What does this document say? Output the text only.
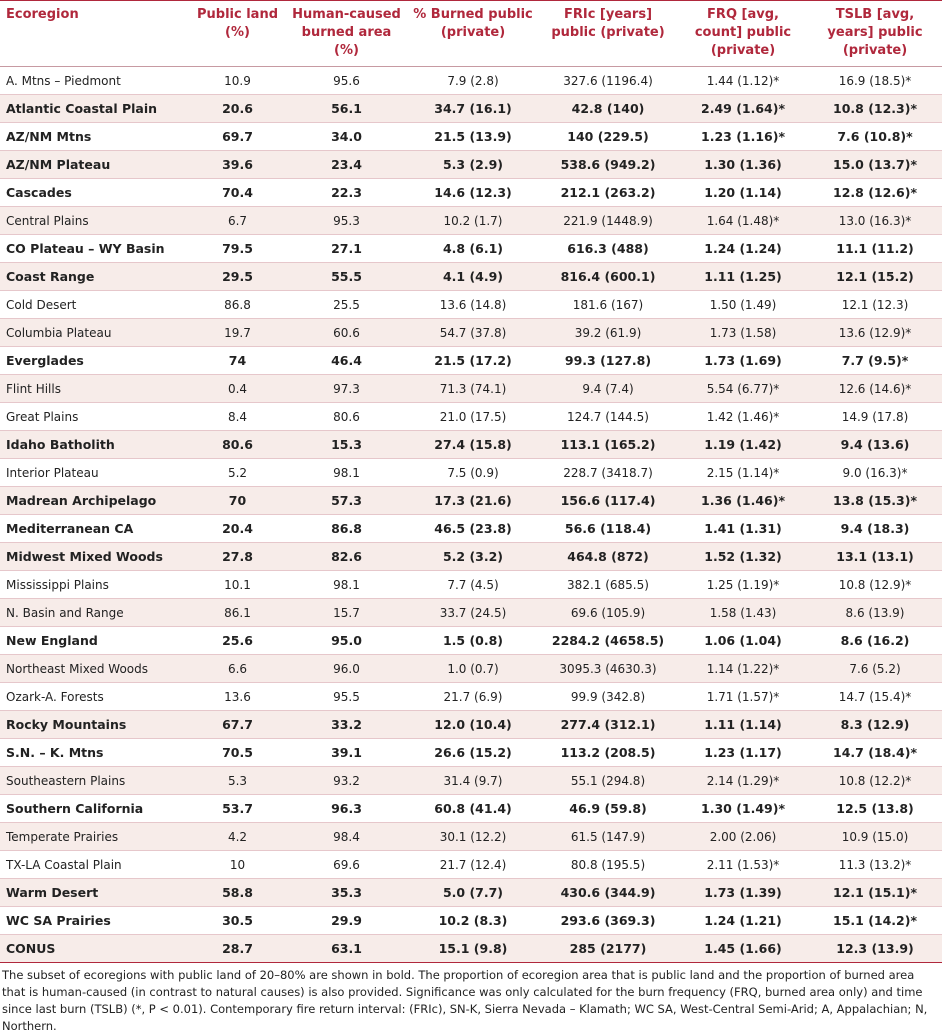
Ecoregion	Public land (%)	Human-caused burned area (%)	% Burned public (private)	FRIc [years] public (private)	FRQ [avg, count] public (private)	TSLB [avg, years] public (private)
A. Mtns – Piedmont	10.9	95.6	7.9 (2.8)	327.6 (1196.4)	1.44 (1.12)*	16.9 (18.5)*
Atlantic Coastal Plain	20.6	56.1	34.7 (16.1)	42.8 (140)	2.49 (1.64)*	10.8 (12.3)*
AZ/NM Mtns	69.7	34.0	21.5 (13.9)	140 (229.5)	1.23 (1.16)*	7.6 (10.8)*
AZ/NM Plateau	39.6	23.4	5.3 (2.9)	538.6 (949.2)	1.30 (1.36)	15.0 (13.7)*
Cascades	70.4	22.3	14.6 (12.3)	212.1 (263.2)	1.20 (1.14)	12.8 (12.6)*
Central Plains	6.7	95.3	10.2 (1.7)	221.9 (1448.9)	1.64 (1.48)*	13.0 (16.3)*
CO Plateau – WY Basin	79.5	27.1	4.8 (6.1)	616.3 (488)	1.24 (1.24)	11.1 (11.2)
Coast Range	29.5	55.5	4.1 (4.9)	816.4 (600.1)	1.11 (1.25)	12.1 (15.2)
Cold Desert	86.8	25.5	13.6 (14.8)	181.6 (167)	1.50 (1.49)	12.1 (12.3)
Columbia Plateau	19.7	60.6	54.7 (37.8)	39.2 (61.9)	1.73 (1.58)	13.6 (12.9)*
Everglades	74	46.4	21.5 (17.2)	99.3 (127.8)	1.73 (1.69)	7.7 (9.5)*
Flint Hills	0.4	97.3	71.3 (74.1)	9.4 (7.4)	5.54 (6.77)*	12.6 (14.6)*
Great Plains	8.4	80.6	21.0 (17.5)	124.7 (144.5)	1.42 (1.46)*	14.9 (17.8)
Idaho Batholith	80.6	15.3	27.4 (15.8)	113.1 (165.2)	1.19 (1.42)	9.4 (13.6)
Interior Plateau	5.2	98.1	7.5 (0.9)	228.7 (3418.7)	2.15 (1.14)*	9.0 (16.3)*
Madrean Archipelago	70	57.3	17.3 (21.6)	156.6 (117.4)	1.36 (1.46)*	13.8 (15.3)*
Mediterranean CA	20.4	86.8	46.5 (23.8)	56.6 (118.4)	1.41 (1.31)	9.4 (18.3)
Midwest Mixed Woods	27.8	82.6	5.2 (3.2)	464.8 (872)	1.52 (1.32)	13.1 (13.1)
Mississippi Plains	10.1	98.1	7.7 (4.5)	382.1 (685.5)	1.25 (1.19)*	10.8 (12.9)*
N. Basin and Range	86.1	15.7	33.7 (24.5)	69.6 (105.9)	1.58 (1.43)	8.6 (13.9)
New England	25.6	95.0	1.5 (0.8)	2284.2 (4658.5)	1.06 (1.04)	8.6 (16.2)
Northeast Mixed Woods	6.6	96.0	1.0 (0.7)	3095.3 (4630.3)	1.14 (1.22)*	7.6 (5.2)
Ozark-A. Forests	13.6	95.5	21.7 (6.9)	99.9 (342.8)	1.71 (1.57)*	14.7 (15.4)*
Rocky Mountains	67.7	33.2	12.0 (10.4)	277.4 (312.1)	1.11 (1.14)	8.3 (12.9)
S.N. – K. Mtns	70.5	39.1	26.6 (15.2)	113.2 (208.5)	1.23 (1.17)	14.7 (18.4)*
Southeastern Plains	5.3	93.2	31.4 (9.7)	55.1 (294.8)	2.14 (1.29)*	10.8 (12.2)*
Southern California	53.7	96.3	60.8 (41.4)	46.9 (59.8)	1.30 (1.49)*	12.5 (13.8)
Temperate Prairies	4.2	98.4	30.1 (12.2)	61.5 (147.9)	2.00 (2.06)	10.9 (15.0)
TX-LA Coastal Plain	10	69.6	21.7 (12.4)	80.8 (195.5)	2.11 (1.53)*	11.3 (13.2)*
Warm Desert	58.8	35.3	5.0 (7.7)	430.6 (344.9)	1.73 (1.39)	12.1 (15.1)*
WC SA Prairies	30.5	29.9	10.2 (8.3)	293.6 (369.3)	1.24 (1.21)	15.1 (14.2)*
CONUS	28.7	63.1	15.1 (9.8)	285 (2177)	1.45 (1.66)	12.3 (13.9)
The subset of ecoregions with public land of 20–80% are shown in bold. The proportion of ecoregion area that is public land and the proportion of burned area that is human-caused (in contrast to natural causes) is also provided. Significance was only calculated for the burn frequency (FRQ, burned area only) and time since last burn (TSLB) (*, P < 0.01). Contemporary fire return interval: (FRIc), SN-K, Sierra Nevada – Klamath; WC SA, West-Central Semi-Arid; A, Appalachian; N, Northern.
